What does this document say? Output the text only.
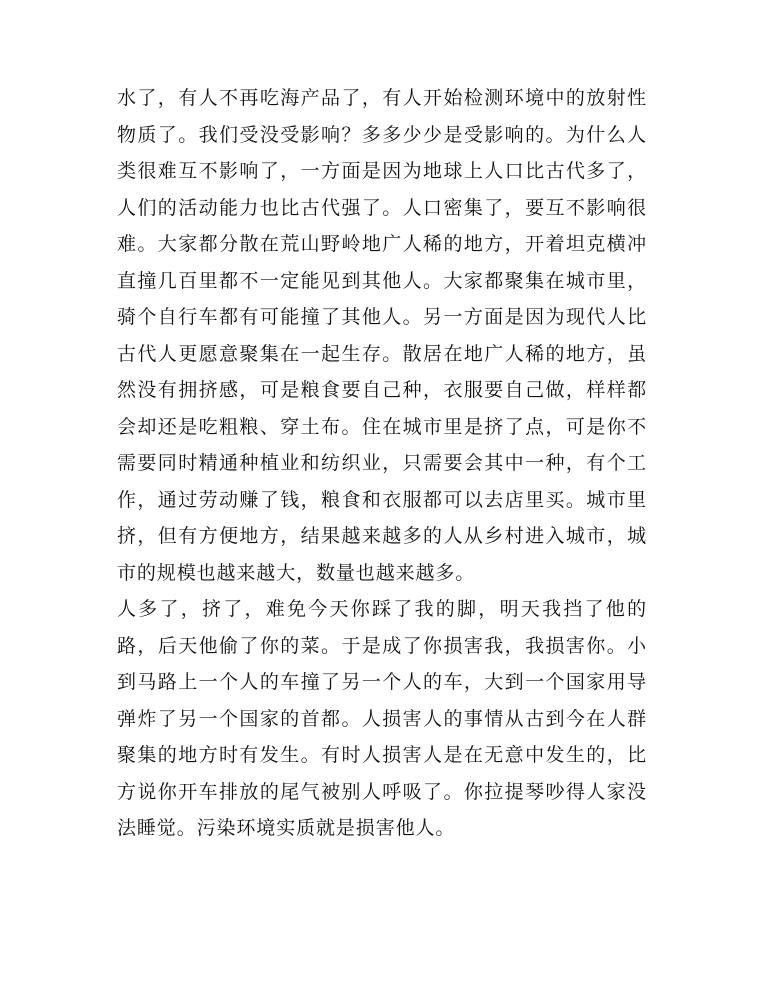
水了，有人不再吃海产品了，有人开始检测环境中的放射性物质了。我们受没受影响？多多少少是受影响的。为什么人类很难互不影响了，一方面是因为地球上人口比古代多了，人们的活动能力也比古代强了。人口密集了，要互不影响很难。大家都分散在荒山野岭地广人稀的地方，开着坦克横冲直撞几百里都不一定能见到其他人。大家都聚集在城市里，骑个自行车都有可能撞了其他人。另一方面是因为现代人比古代人更愿意聚集在一起生存。散居在地广人稀的地方，虽然没有拥挤感，可是粮食要自己种，衣服要自己做，样样都会却还是吃粗粮、穿土布。住在城市里是挤了点，可是你不需要同时精通种植业和纺织业，只需要会其中一种，有个工作，通过劳动赚了钱，粮食和衣服都可以去店里买。城市里挤，但有方便地方，结果越来越多的人从乡村进入城市，城市的规模也越来越大，数量也越来越多。

人多了，挤了，难免今天你踩了我的脚，明天我挡了他的路，后天他偷了你的菜。于是成了你损害我，我损害你。小到马路上一个人的车撞了另一个人的车，大到一个国家用导弹炸了另一个国家的首都。人损害人的事情从古到今在人群聚集的地方时有发生。有时人损害人是在无意中发生的，比方说你开车排放的尾气被别人呼吸了。你拉提琴吵得人家没法睡觉。污染环境实质就是损害他人。
